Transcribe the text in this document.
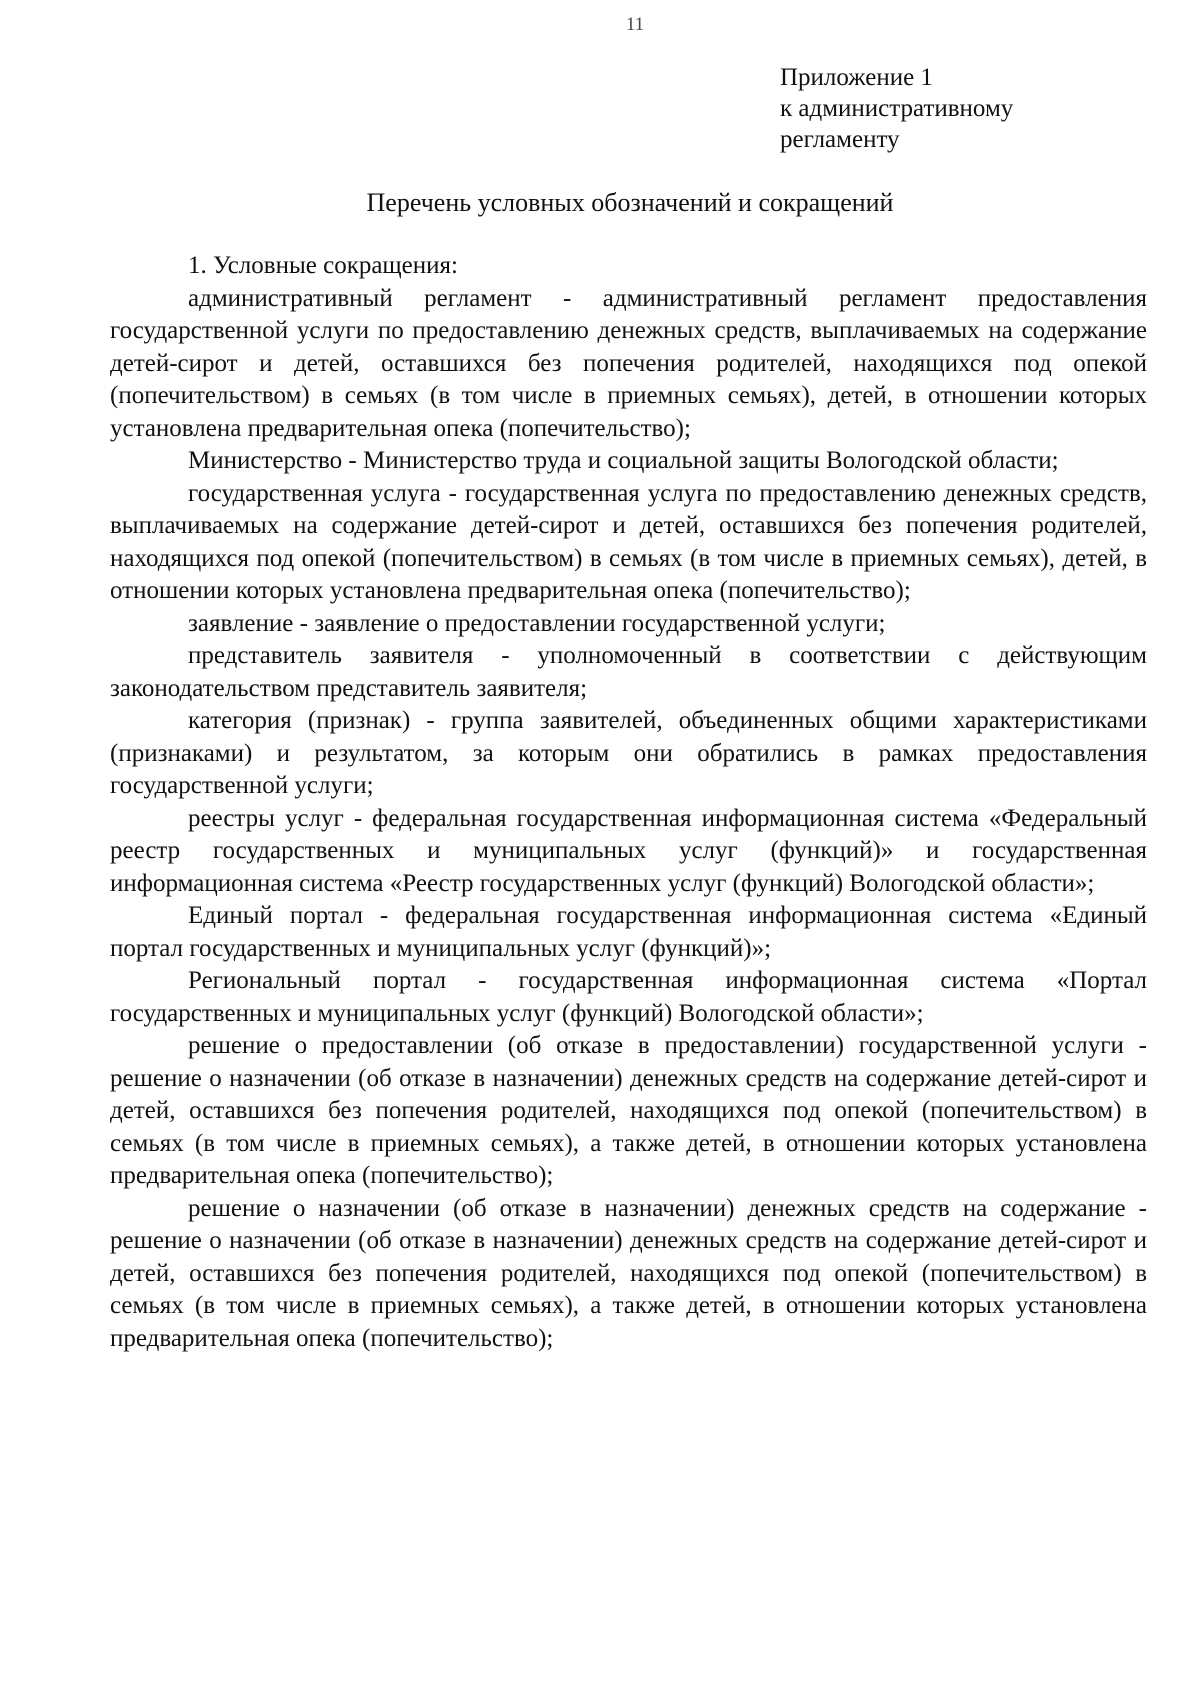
11
Приложение 1
к административному
регламенту
Перечень условных обозначений и сокращений

1. Условные сокращения:

административный регламент - административный регламент предоставления государственной услуги по предоставлению денежных средств, выплачиваемых на содержание детей-сирот и детей, оставшихся без попечения родителей, находящихся под опекой (попечительством) в семьях (в том числе в приемных семьях), детей, в отношении которых установлена предварительная опека (попечительство);

Министерство - Министерство труда и социальной защиты Вологодской области;

государственная услуга - государственная услуга по предоставлению денежных средств, выплачиваемых на содержание детей-сирот и детей, оставшихся без попечения родителей, находящихся под опекой (попечительством) в семьях (в том числе в приемных семьях), детей, в отношении которых установлена предварительная опека (попечительство);

заявление - заявление о предоставлении государственной услуги;

представитель заявителя - уполномоченный в соответствии с действующим законодательством представитель заявителя;

категория (признак) - группа заявителей, объединенных общими характеристиками (признаками) и результатом, за которым они обратились в рамках предоставления государственной услуги;

реестры услуг - федеральная государственная информационная система «Федеральный реестр государственных и муниципальных услуг (функций)» и государственная информационная система «Реестр государственных услуг (функций) Вологодской области»;

Единый портал - федеральная государственная информационная система «Единый портал государственных и муниципальных услуг (функций)»;

Региональный портал - государственная информационная система «Портал государственных и муниципальных услуг (функций) Вологодской области»;

решение о предоставлении (об отказе в предоставлении) государственной услуги - решение о назначении (об отказе в назначении) денежных средств на содержание детей-сирот и детей, оставшихся без попечения родителей, находящихся под опекой (попечительством) в семьях (в том числе в приемных семьях), а также детей, в отношении которых установлена предварительная опека (попечительство);

решение о назначении (об отказе в назначении) денежных средств на содержание - решение о назначении (об отказе в назначении) денежных средств на содержание детей-сирот и детей, оставшихся без попечения родителей, находящихся под опекой (попечительством) в семьях (в том числе в приемных семьях), а также детей, в отношении которых установлена предварительная опека (попечительство);
